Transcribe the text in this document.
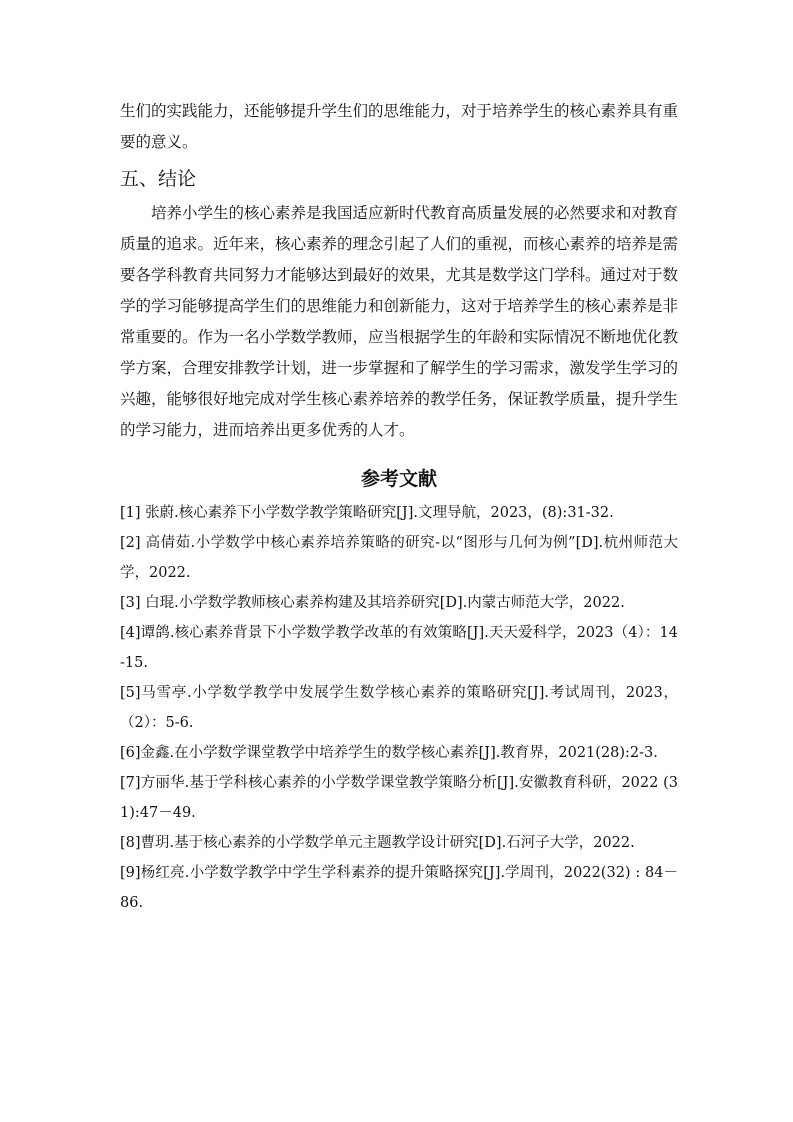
生们的实践能力，还能够提升学生们的思维能力，对于培养学生的核心素养具有重要的意义。

五、结论

培养小学生的核心素养是我国适应新时代教育高质量发展的必然要求和对教育质量的追求。近年来，核心素养的理念引起了人们的重视，而核心素养的培养是需要各学科教育共同努力才能够达到最好的效果，尤其是数学这门学科。通过对于数学的学习能够提高学生们的思维能力和创新能力，这对于培养学生的核心素养是非常重要的。作为一名小学数学教师，应当根据学生的年龄和实际情况不断地优化教学方案，合理安排教学计划，进一步掌握和了解学生的学习需求，激发学生学习的兴趣，能够很好地完成对学生核心素养培养的教学任务，保证教学质量，提升学生的学习能力，进而培养出更多优秀的人才。

参考文献
[1] 张蔚.核心素养下小学数学教学策略研究[J].文理导航，2023，(8):31-32.
[2] 高倩茹.小学数学中核心素养培养策略的研究-以“图形与几何为例”[D].杭州师范大学，2022.
[3] 白琨.小学数学教师核心素养构建及其培养研究[D].内蒙古师范大学，2022.
[4]谭鸽.核心素养背景下小学数学教学改革的有效策略[J].天天爱科学，2023（4）：14-15.
[5]马雪亭.小学数学教学中发展学生数学核心素养的策略研究[J].考试周刊，2023，（2）：5-6.
[6]金鑫.在小学数学课堂教学中培养学生的数学核心素养[J].教育界，2021(28):2-3.
[7]方丽华.基于学科核心素养的小学数学课堂教学策略分析[J].安徽教育科研，2022 (31):47－49.
[8]曹玥.基于核心素养的小学数学单元主题教学设计研究[D].石河子大学，2022.
[9]杨红亮.小学数学教学中学生学科素养的提升策略探究[J].学周刊，2022(32) : 84－86.
